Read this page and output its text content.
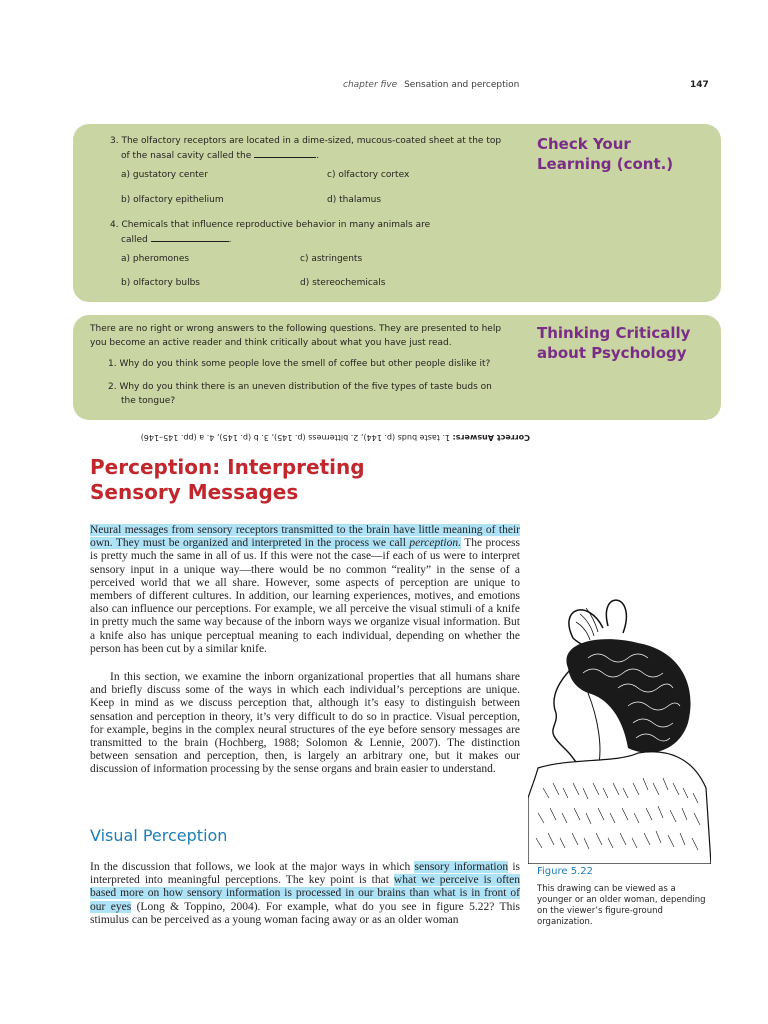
chapter five Sensation and perception	147
Check Your
Learning (cont.)
3. The olfactory receptors are located in a dime-sized, mucous-coated sheet at the top
of the nasal cavity called the	.
a) gustatory center	c) olfactory cortex
b) olfactory epithelium	d) thalamus
4. Chemicals that influence reproductive behavior in many animals are
called	.
a) pheromones	c) astringents
b) olfactory bulbs	d) stereochemicals
Thinking Critically
about Psychology
There are no right or wrong answers to the following questions. They are presented to help
you become an active reader and think critically about what you have just read.
1. Why do you think some people love the smell of coffee but other people dislike it?
2. Why do you think there is an uneven distribution of the five types of taste buds on
the tongue?
Correct Answers: 1. taste buds (p. 144), 2. bitterness (p. 145), 3. b (p. 145), 4. a (pp. 145–146)
Perception: Interpreting
Sensory Messages
Neural messages from sensory receptors transmitted to the brain have little meaning of their own. They must be organized and interpreted in the process we call perception. The process is pretty much the same in all of us. If this were not the case—if each of us were to interpret sensory input in a unique way—there would be no common “reality” in the sense of a perceived world that we all share. However, some aspects of perception are unique to members of different cultures. In addition, our learning experiences, motives, and emotions also can influence our perceptions. For example, we all perceive the visual stimuli of a knife in pretty much the same way because of the inborn ways we organize visual information. But a knife also has unique perceptual meaning to each individual, depending on whether the person has been cut by a similar knife.
In this section, we examine the inborn organizational properties that all humans share and briefly discuss some of the ways in which each individual’s perceptions are unique. Keep in mind as we discuss perception that, although it’s easy to distinguish between sensation and perception in theory, it’s very difficult to do so in practice. Visual perception, for example, begins in the complex neural structures of the eye before sensory messages are transmitted to the brain (Hochberg, 1988; Solomon & Lennie, 2007). The distinction between sensation and perception, then, is largely an arbitrary one, but it makes our discussion of information processing by the sense organs and brain easier to understand.
Visual Perception
In the discussion that follows, we look at the major ways in which sensory information is interpreted into meaningful perceptions. The key point is that what we perceive is often based more on how sensory information is processed in our brains than what is in front of our eyes (Long & Toppino, 2004). For example, what do you see in figure 5.22? This stimulus can be perceived as a young woman facing away or as an older woman
Figure 5.22
This drawing can be viewed as a younger or an older woman, depending on the viewer’s figure-ground organization.
